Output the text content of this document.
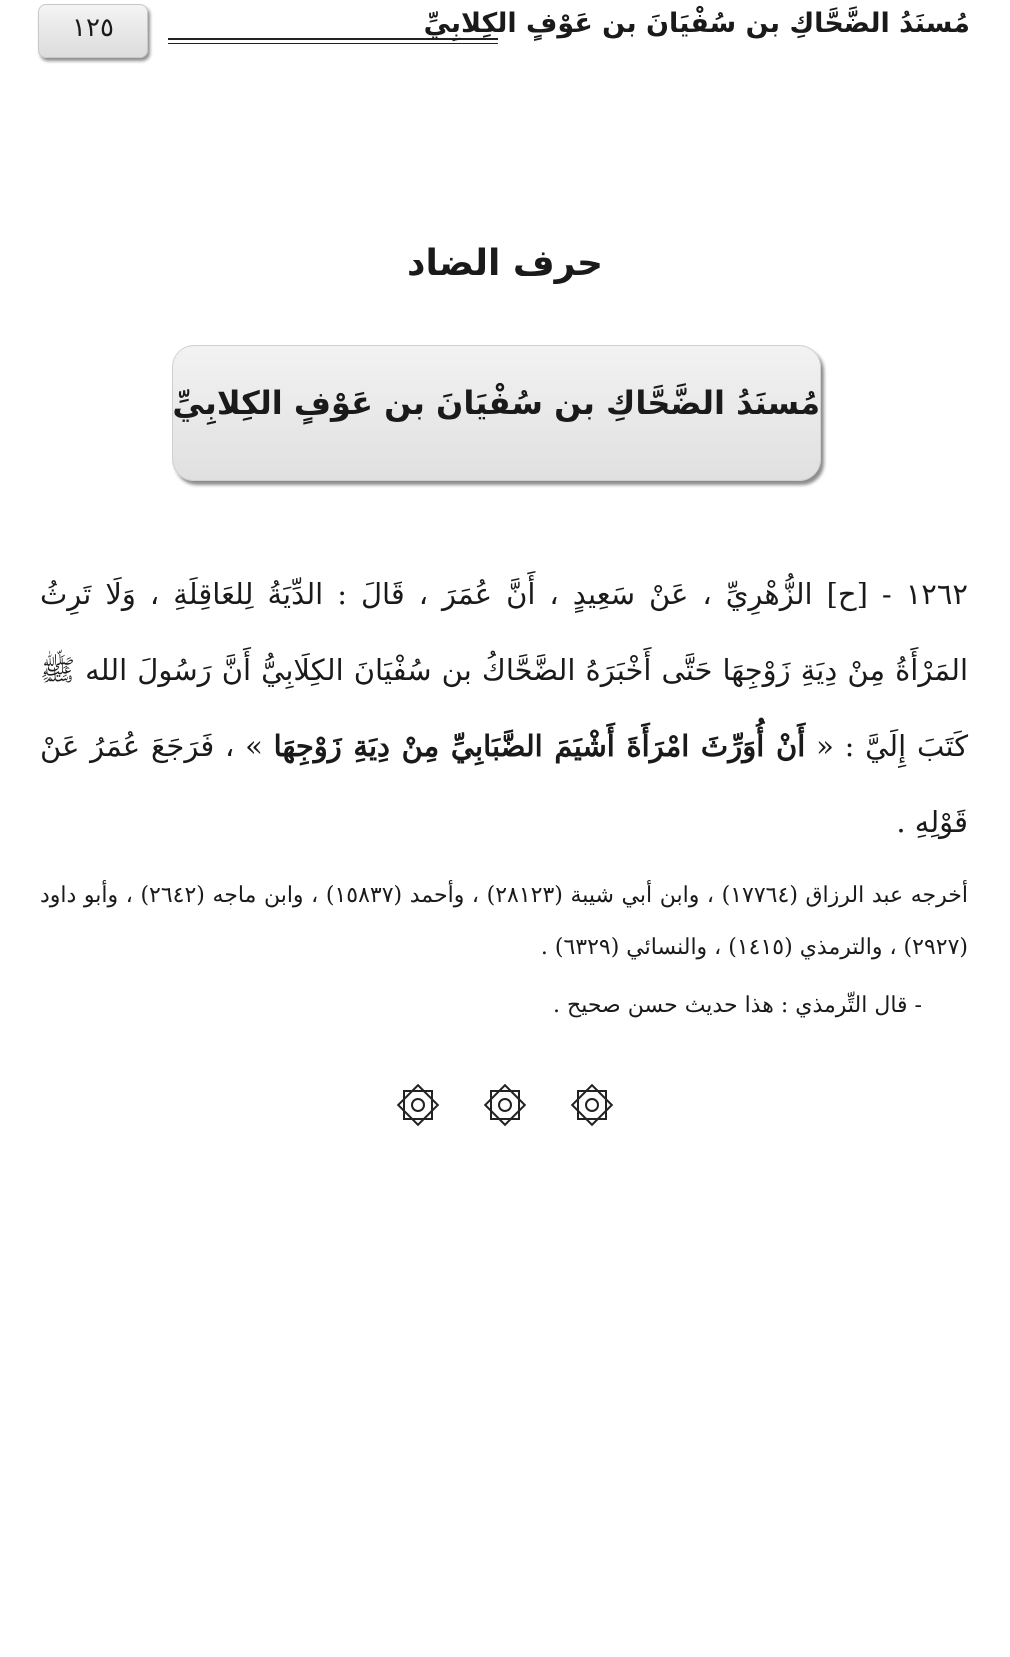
١٢٥	مُسنَدُ الضَّحَّاكِ بن سُفْيَانَ بن عَوْفٍ الكِلابِيِّ
حرف الضاد
مُسنَدُ الضَّحَّاكِ بن سُفْيَانَ بن عَوْفٍ الكِلابِيِّ
١٢٦٢ - [ح] الزُّهْرِيِّ ، عَنْ سَعِيدٍ ، أَنَّ عُمَرَ ، قَالَ : الدِّيَةُ لِلعَاقِلَةِ ، وَلَا تَرِثُ المَرْأَةُ مِنْ دِيَةِ زَوْجِهَا حَتَّى أَخْبَرَهُ الضَّحَّاكُ بن سُفْيَانَ الكِلَابِيُّ أَنَّ رَسُولَ الله ﷺ كَتَبَ إِلَيَّ : « أَنْ أُوَرِّثَ امْرَأَةَ أَشْيَمَ الضَّبَابِيِّ مِنْ دِيَةِ زَوْجِهَا » ، فَرَجَعَ عُمَرُ عَنْ قَوْلِهِ .
أخرجه عبد الرزاق (١٧٧٦٤) ، وابن أبي شيبة (٢٨١٢٣) ، وأحمد (١٥٨٣٧) ، وابن ماجه (٢٦٤٢) ، وأبو داود (٢٩٢٧) ، والترمذي (١٤١٥) ، والنسائي (٦٣٢٩) .
- قال التِّرمذي : هذا حديث حسن صحيح .
